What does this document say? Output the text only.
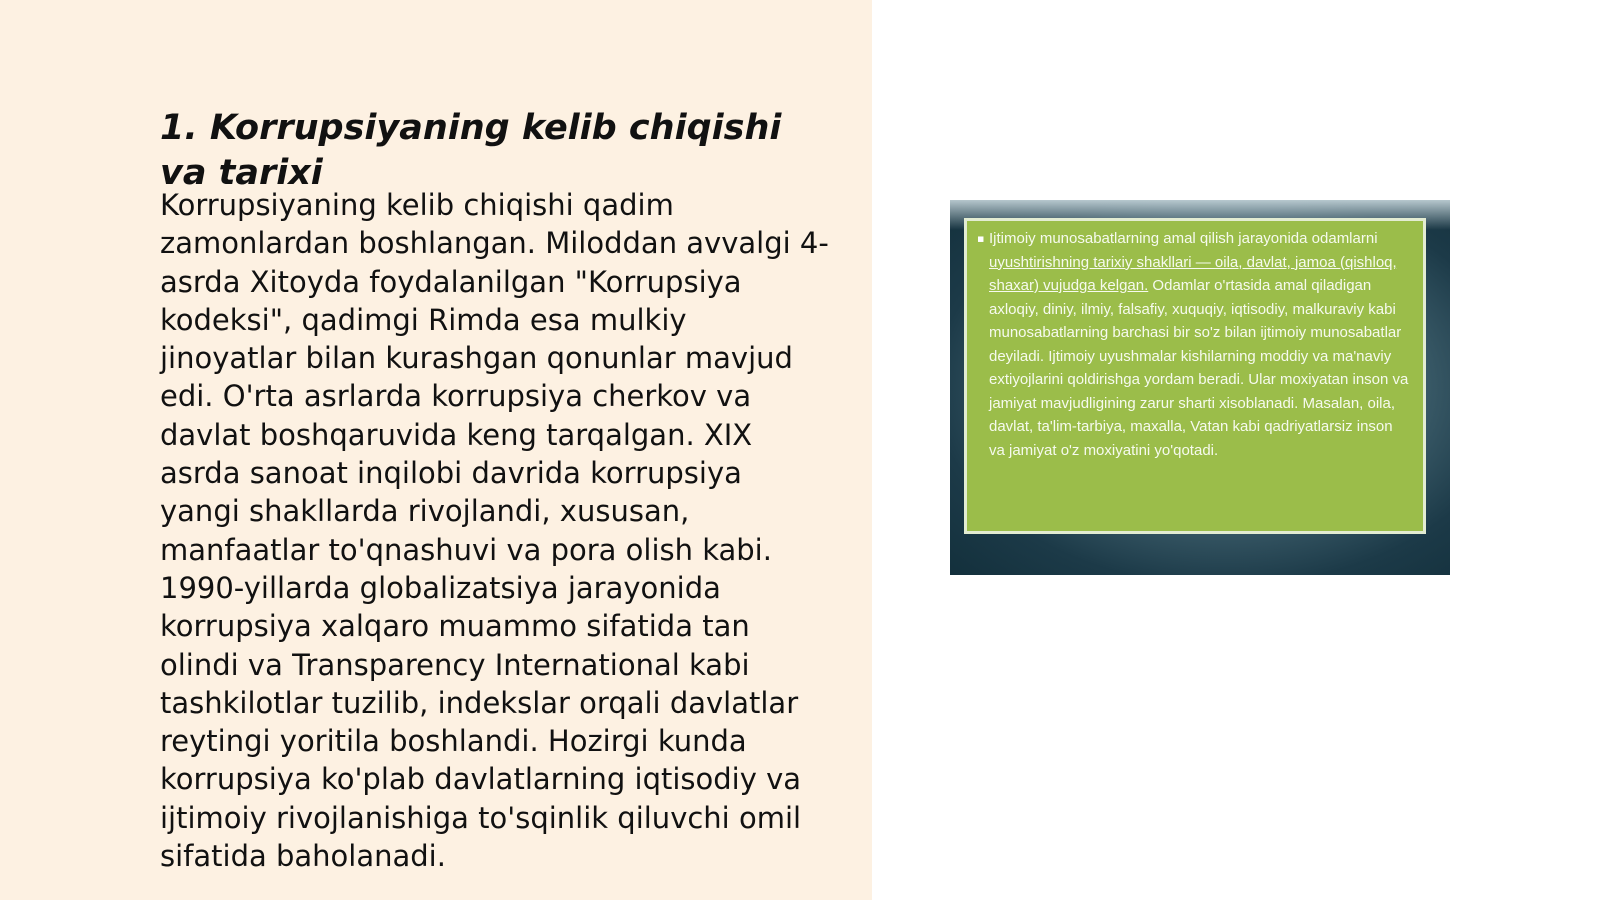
1. Korrupsiyaning kelib chiqishi va tarixi

Korrupsiyaning kelib chiqishi qadim zamonlardan boshlangan. Miloddan avvalgi 4-asrda Xitoyda foydalanilgan "Korrupsiya kodeksi", qadimgi Rimda esa mulkiy jinoyatlar bilan kurashgan qonunlar mavjud edi. O'rta asrlarda korrupsiya cherkov va davlat boshqaruvida keng tarqalgan. XIX asrda sanoat inqilobi davrida korrupsiya yangi shakllarda rivojlandi, xususan, manfaatlar to'qnashuvi va pora olish kabi. 1990-yillarda globalizatsiya jarayonida korrupsiya xalqaro muammo sifatida tan olindi va Transparency International kabi tashkilotlar tuzilib, indekslar orqali davlatlar reytingi yoritila boshlandi. Hozirgi kunda korrupsiya ko'plab davlatlarning iqtisodiy va ijtimoiy rivojlanishiga to'sqinlik qiluvchi omil sifatida baholanadi.

▪ Ijtimoiy munosabatlarning amal qilish jarayonida odamlarni uyushtirishning tarixiy shakllari — oila, davlat, jamoa (qishloq, shaxar) vujudga kelgan. Odamlar o'rtasida amal qiladigan axloqiy, diniy, ilmiy, falsafiy, xuquqiy, iqtisodiy, malkuraviy kabi munosabatlarning barchasi bir so'z bilan ijtimoiy munosabatlar deyiladi. Ijtimoiy uyushmalar kishilarning moddiy va ma'naviy extiyojlarini qoldirishga yordam beradi. Ular moxiyatan inson va jamiyat mavjudligining zarur sharti xisoblanadi. Masalan, oila, davlat, ta'lim-tarbiya, maxalla, Vatan kabi qadriyatlarsiz inson va jamiyat o'z moxiyatini yo'qotadi.
